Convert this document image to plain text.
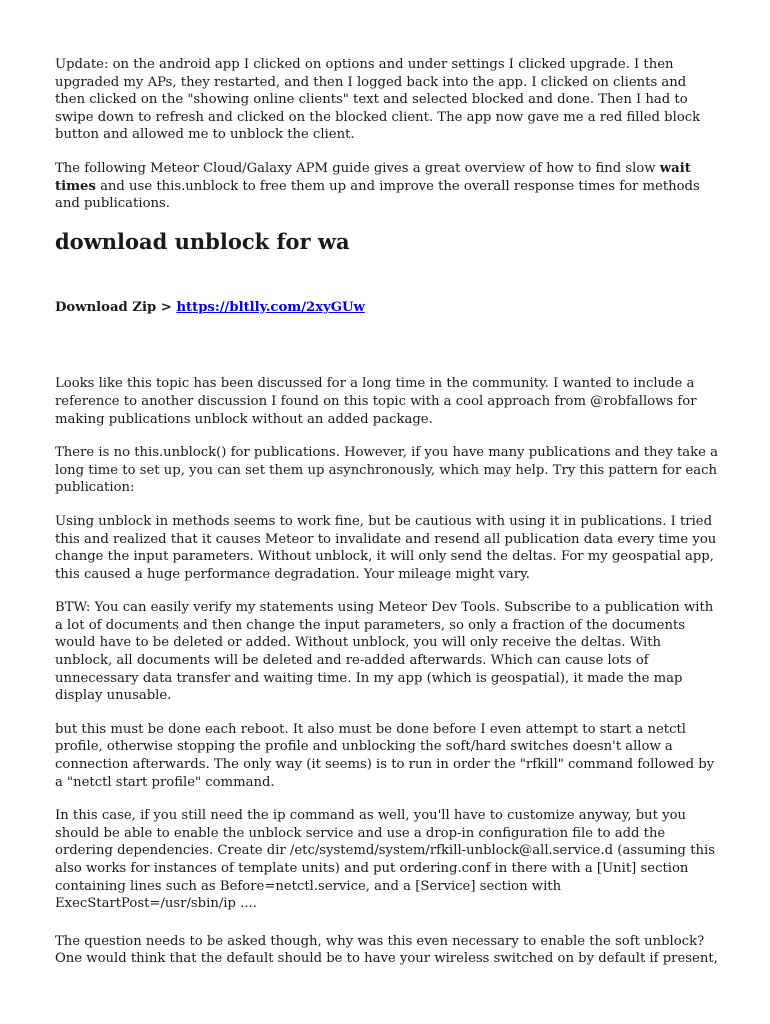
Update: on the android app I clicked on options and under settings I clicked upgrade. I then upgraded my APs, they restarted, and then I logged back into the app. I clicked on clients and then clicked on the "showing online clients" text and selected blocked and done. Then I had to swipe down to refresh and clicked on the blocked client. The app now gave me a red filled block button and allowed me to unblock the client.

The following Meteor Cloud/Galaxy APM guide gives a great overview of how to find slow wait times and use this.unblock to free them up and improve the overall response times for methods and publications.

download unblock for wa
Download Zip > https://bltlly.com/2xyGUw

Looks like this topic has been discussed for a long time in the community. I wanted to include a reference to another discussion I found on this topic with a cool approach from @robfallows for making publications unblock without an added package.

There is no this.unblock() for publications. However, if you have many publications and they take a long time to set up, you can set them up asynchronously, which may help. Try this pattern for each publication:

Using unblock in methods seems to work fine, but be cautious with using it in publications. I tried this and realized that it causes Meteor to invalidate and resend all publication data every time you change the input parameters. Without unblock, it will only send the deltas. For my geospatial app, this caused a huge performance degradation. Your mileage might vary.

BTW: You can easily verify my statements using Meteor Dev Tools. Subscribe to a publication with a lot of documents and then change the input parameters, so only a fraction of the documents would have to be deleted or added. Without unblock, you will only receive the deltas. With unblock, all documents will be deleted and re-added afterwards. Which can cause lots of unnecessary data transfer and waiting time. In my app (which is geospatial), it made the map display unusable.

but this must be done each reboot. It also must be done before I even attempt to start a netctl profile, otherwise stopping the profile and unblocking the soft/hard switches doesn't allow a connection afterwards. The only way (it seems) is to run in order the "rfkill" command followed by a "netctl start profile" command.

In this case, if you still need the ip command as well, you'll have to customize anyway, but you should be able to enable the unblock service and use a drop-in configuration file to add the ordering dependencies. Create dir /etc/systemd/system/rfkill-unblock@all.service.d (assuming this also works for instances of template units) and put ordering.conf in there with a [Unit] section containing lines such as Before=netctl.service, and a [Service] section with ExecStartPost=/usr/sbin/ip ....

The question needs to be asked though, why was this even necessary to enable the soft unblock? One would think that the default should be to have your wireless switched on by default if present,
